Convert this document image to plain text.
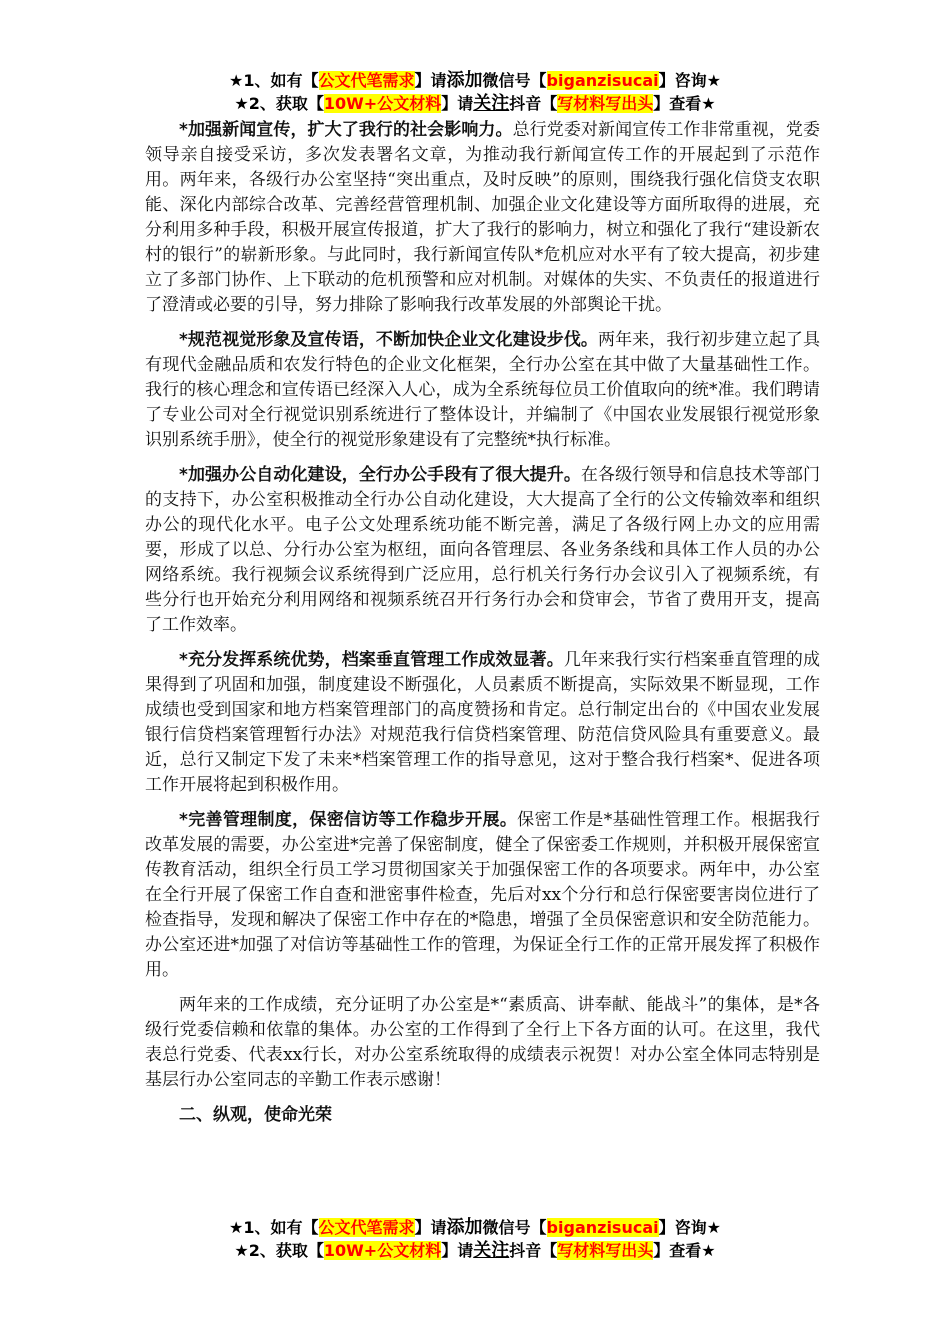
★1、如有【公文代笔需求】请添加微信号【biganzisucai】咨询★
★2、获取【10W+公文材料】请关注抖音【写材料写出头】查看★

*加强新闻宣传，扩大了我行的社会影响力。总行党委对新闻宣传工作非常重视，党委领导亲自接受采访，多次发表署名文章，为推动我行新闻宣传工作的开展起到了示范作用。两年来，各级行办公室坚持“突出重点，及时反映”的原则，围绕我行强化信贷支农职能、深化内部综合改革、完善经营管理机制、加强企业文化建设等方面所取得的进展，充分利用多种手段，积极开展宣传报道，扩大了我行的影响力，树立和强化了我行“建设新农村的银行”的崭新形象。与此同时，我行新闻宣传队*危机应对水平有了较大提高，初步建立了多部门协作、上下联动的危机预警和应对机制。对媒体的失实、不负责任的报道进行了澄清或必要的引导，努力排除了影响我行改革发展的外部舆论干扰。

*规范视觉形象及宣传语，不断加快企业文化建设步伐。两年来，我行初步建立起了具有现代金融品质和农发行特色的企业文化框架，全行办公室在其中做了大量基础性工作。我行的核心理念和宣传语已经深入人心，成为全系统每位员工价值取向的统*准。我们聘请了专业公司对全行视觉识别系统进行了整体设计，并编制了《中国农业发展银行视觉形象识别系统手册》，使全行的视觉形象建设有了完整统*执行标准。

*加强办公自动化建设，全行办公手段有了很大提升。在各级行领导和信息技术等部门的支持下，办公室积极推动全行办公自动化建设，大大提高了全行的公文传输效率和组织办公的现代化水平。电子公文处理系统功能不断完善，满足了各级行网上办文的应用需要，形成了以总、分行办公室为枢纽，面向各管理层、各业务条线和具体工作人员的办公网络系统。我行视频会议系统得到广泛应用，总行机关行务行办会议引入了视频系统，有些分行也开始充分利用网络和视频系统召开行务行办会和贷审会，节省了费用开支，提高了工作效率。

*充分发挥系统优势，档案垂直管理工作成效显著。几年来我行实行档案垂直管理的成果得到了巩固和加强，制度建设不断强化，人员素质不断提高，实际效果不断显现，工作成绩也受到国家和地方档案管理部门的高度赞扬和肯定。总行制定出台的《中国农业发展银行信贷档案管理暂行办法》对规范我行信贷档案管理、防范信贷风险具有重要意义。最近，总行又制定下发了未来*档案管理工作的指导意见，这对于整合我行档案*、促进各项工作开展将起到积极作用。

*完善管理制度，保密信访等工作稳步开展。保密工作是*基础性管理工作。根据我行改革发展的需要，办公室进*完善了保密制度，健全了保密委工作规则，并积极开展保密宣传教育活动，组织全行员工学习贯彻国家关于加强保密工作的各项要求。两年中，办公室在全行开展了保密工作自查和泄密事件检查，先后对xx个分行和总行保密要害岗位进行了检查指导，发现和解决了保密工作中存在的*隐患，增强了全员保密意识和安全防范能力。办公室还进*加强了对信访等基础性工作的管理，为保证全行工作的正常开展发挥了积极作用。

两年来的工作成绩，充分证明了办公室是*“素质高、讲奉献、能战斗”的集体，是*各级行党委信赖和依靠的集体。办公室的工作得到了全行上下各方面的认可。在这里，我代表总行党委、代表xx行长，对办公室系统取得的成绩表示祝贺！对办公室全体同志特别是基层行办公室同志的辛勤工作表示感谢！

二、纵观，使命光荣

★1、如有【公文代笔需求】请添加微信号【biganzisucai】咨询★
★2、获取【10W+公文材料】请关注抖音【写材料写出头】查看★
